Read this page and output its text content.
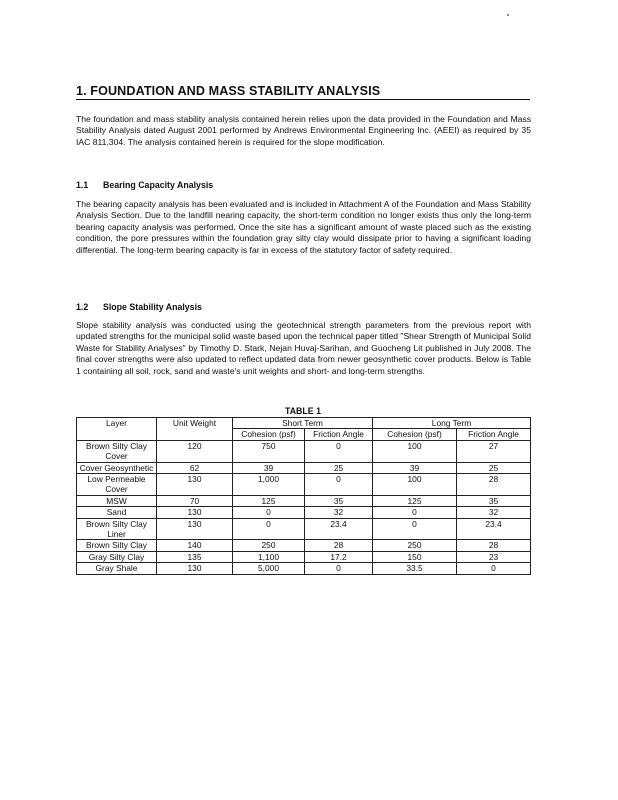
1. FOUNDATION AND MASS STABILITY ANALYSIS
The foundation and mass stability analysis contained herein relies upon the data provided in the Foundation and Mass Stability Analysis dated August 2001 performed by Andrews Environmental Engineering Inc. (AEEI) as required by 35 IAC 811.304. The analysis contained herein is required for the slope modification.
1.1 Bearing Capacity Analysis
The bearing capacity analysis has been evaluated and is included in Attachment A of the Foundation and Mass Stability Analysis Section. Due to the landfill nearing capacity, the short-term condition no longer exists thus only the long-term bearing capacity analysis was performed. Once the site has a significant amount of waste placed such as the existing condition, the pore pressures within the foundation gray silty clay would dissipate prior to having a significant loading differential. The long-term bearing capacity is far in excess of the statutory factor of safety required.
1.2 Slope Stability Analysis
Slope stability analysis was conducted using the geotechnical strength parameters from the previous report with updated strengths for the municipal solid waste based upon the technical paper titled "Shear Strength of Municipal Solid Waste for Stability Analyses" by Timothy D. Stark, Nejan Huvaj-Sarihan, and Guocheng Lit published in July 2008. The final cover strengths were also updated to reflect updated data from newer geosynthetic cover products. Below is Table 1 containing all soil, rock, sand and waste's unit weights and short- and long-term strengths.
TABLE 1
Layer	Unit Weight	Short Term		Long Term	
		Cohesion (psf)	Friction Angle	Cohesion (psf)	Friction Angle
Brown Silty Clay Cover	120	750	0	100	27
Cover Geosynthetic	62	39	25	39	25
Low Permeable Cover	130	1,000	0	100	28
MSW	70	125	35	125	35
Sand	130	0	32	0	32
Brown Silty Clay Liner	130	0	23.4	0	23.4
Brown Silty Clay	140	250	28	250	28
Gray Silty Clay	135	1,100	17.2	150	23
Gray Shale	130	5,000	0	33.5	0
